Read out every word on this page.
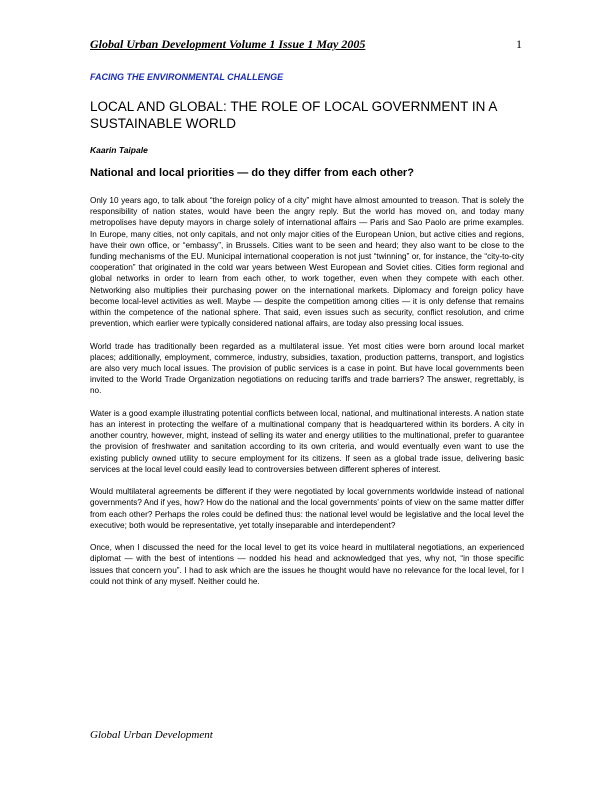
Global Urban Development Volume 1 Issue 1 May 2005	1
FACING THE ENVIRONMENTAL CHALLENGE
LOCAL AND GLOBAL: THE ROLE OF LOCAL GOVERNMENT IN A SUSTAINABLE WORLD
Kaarin Taipale
National and local priorities — do they differ from each other?

Only 10 years ago, to talk about “the foreign policy of a city” might have almost amounted to treason. That is solely the responsibility of nation states, would have been the angry reply. But the world has moved on, and today many metropolises have deputy mayors in charge solely of international affairs — Paris and Sao Paolo are prime examples. In Europe, many cities, not only capitals, and not only major cities of the European Union, but active cities and regions, have their own office, or “embassy”, in Brussels. Cities want to be seen and heard; they also want to be close to the funding mechanisms of the EU. Municipal international cooperation is not just “twinning” or, for instance, the “city-to-city cooperation” that originated in the cold war years between West European and Soviet cities. Cities form regional and global networks in order to learn from each other, to work together, even when they compete with each other. Networking also multiplies their purchasing power on the international markets. Diplomacy and foreign policy have become local-level activities as well. Maybe — despite the competition among cities — it is only defense that remains within the competence of the national sphere. That said, even issues such as security, conflict resolution, and crime prevention, which earlier were typically considered national affairs, are today also pressing local issues.

World trade has traditionally been regarded as a multilateral issue. Yet most cities were born around local market places; additionally, employment, commerce, industry, subsidies, taxation, production patterns, transport, and logistics are also very much local issues. The provision of public services is a case in point. But have local governments been invited to the World Trade Organization negotiations on reducing tariffs and trade barriers? The answer, regrettably, is no.

Water is a good example illustrating potential conflicts between local, national, and multinational interests. A nation state has an interest in protecting the welfare of a multinational company that is headquartered within its borders. A city in another country, however, might, instead of selling its water and energy utilities to the multinational, prefer to guarantee the provision of freshwater and sanitation according to its own criteria, and would eventually even want to use the existing publicly owned utility to secure employment for its citizens. If seen as a global trade issue, delivering basic services at the local level could easily lead to controversies between different spheres of interest.

Would multilateral agreements be different if they were negotiated by local governments worldwide instead of national governments? And if yes, how? How do the national and the local governments’ points of view on the same matter differ from each other? Perhaps the roles could be defined thus: the national level would be legislative and the local level the executive; both would be representative, yet totally inseparable and interdependent?

Once, when I discussed the need for the local level to get its voice heard in multilateral negotiations, an experienced diplomat — with the best of intentions — nodded his head and acknowledged that yes, why not, “in those specific issues that concern you”. I had to ask which are the issues he thought would have no relevance for the local level, for I could not think of any myself. Neither could he.

Global Urban Development
